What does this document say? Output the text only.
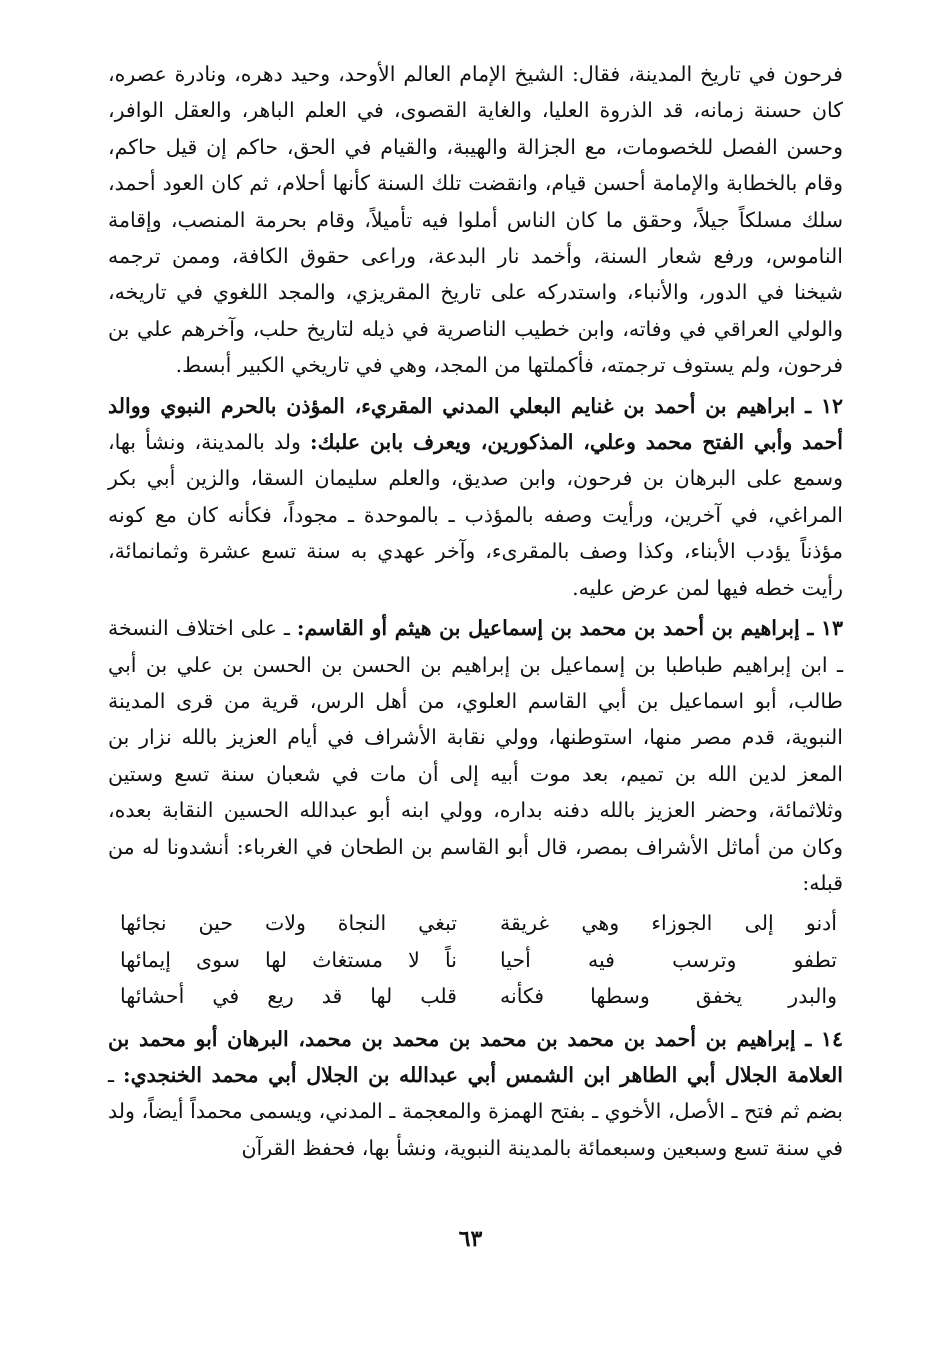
فرحون في تاريخ المدينة، فقال: الشيخ الإمام العالم الأوحد، وحيد دهره، ونادرة عصره، كان حسنة زمانه، قد الذروة العليا، والغاية القصوى، في العلم الباهر، والعقل الوافر، وحسن الفصل للخصومات، مع الجزالة والهيبة، والقيام في الحق، حاكم إن قيل حاكم، وقام بالخطابة والإمامة أحسن قيام، وانقضت تلك السنة كأنها أحلام، ثم كان العود أحمد، سلك مسلكاً جيلاً، وحقق ما كان الناس أملوا فيه تأميلاً، وقام بحرمة المنصب، وإقامة الناموس، ورفع شعار السنة، وأخمد نار البدعة، وراعى حقوق الكافة، وممن ترجمه شيخنا في الدور، والأنباء، واستدركه على تاريخ المقريزي، والمجد اللغوي في تاريخه، والولي العراقي في وفاته، وابن خطيب الناصرية في ذيله لتاريخ حلب، وآخرهم علي بن فرحون، ولم يستوف ترجمته، فأكملتها من المجد، وهي في تاريخي الكبير أبسط.

١٢ ـ ابراهيم بن أحمد بن غنايم البعلي المدني المقريء، المؤذن بالحرم النبوي ووالد أحمد وأبي الفتح محمد وعلي، المذكورين، ويعرف بابن علبك: ولد بالمدينة، ونشأ بها، وسمع على البرهان بن فرحون، وابن صديق، والعلم سليمان السقا، والزين أبي بكر المراغي، في آخرين، ورأيت وصفه بالمؤذب ـ بالموحدة ـ مجوداً، فكأنه كان مع كونه مؤذناً يؤدب الأبناء، وكذا وصف بالمقرىء، وآخر عهدي به سنة تسع عشرة وثمانمائة، رأيت خطه فيها لمن عرض عليه.

١٣ ـ إبراهيم بن أحمد بن محمد بن إسماعيل بن هيثم أو القاسم: ـ على اختلاف النسخة ـ ابن إبراهيم طباطبا بن إسماعيل بن إبراهيم بن الحسن بن الحسن بن علي بن أبي طالب، أبو اسماعيل بن أبي القاسم العلوي، من أهل الرس، قرية من قرى المدينة النبوية، قدم مصر منها، استوطنها، وولي نقابة الأشراف في أيام العزيز بالله نزار بن المعز لدين الله بن تميم، بعد موت أبيه إلى أن مات في شعبان سنة تسع وستين وثلاثمائة، وحضر العزيز بالله دفنه بداره، وولي ابنه أبو عبدالله الحسين النقابة بعده، وكان من أماثل الأشراف بمصر، قال أبو القاسم بن الطحان في الغرباء: أنشدونا له من قبله:

أدنو إلى الجوزاء وهي غريقة
تبغي النجاة ولات حين نجائها
تطفو وترسب فيه أحيا
ناً لا مستغاث لها سوى إيمائها
والبدر يخفق وسطها فكأنه
قلب لها قد ريع في أحشائها

١٤ ـ إبراهيم بن أحمد بن محمد بن محمد بن محمد بن محمد، البرهان أبو محمد بن العلامة الجلال أبي الطاهر ابن الشمس أبي عبدالله بن الجلال أبي محمد الخنجدي: ـ بضم ثم فتح ـ الأصل، الأخوي ـ بفتح الهمزة والمعجمة ـ المدني، ويسمى محمداً أيضاً، ولد في سنة تسع وسبعين وسبعمائة بالمدينة النبوية، ونشأ بها، فحفظ القرآن

٦٣
